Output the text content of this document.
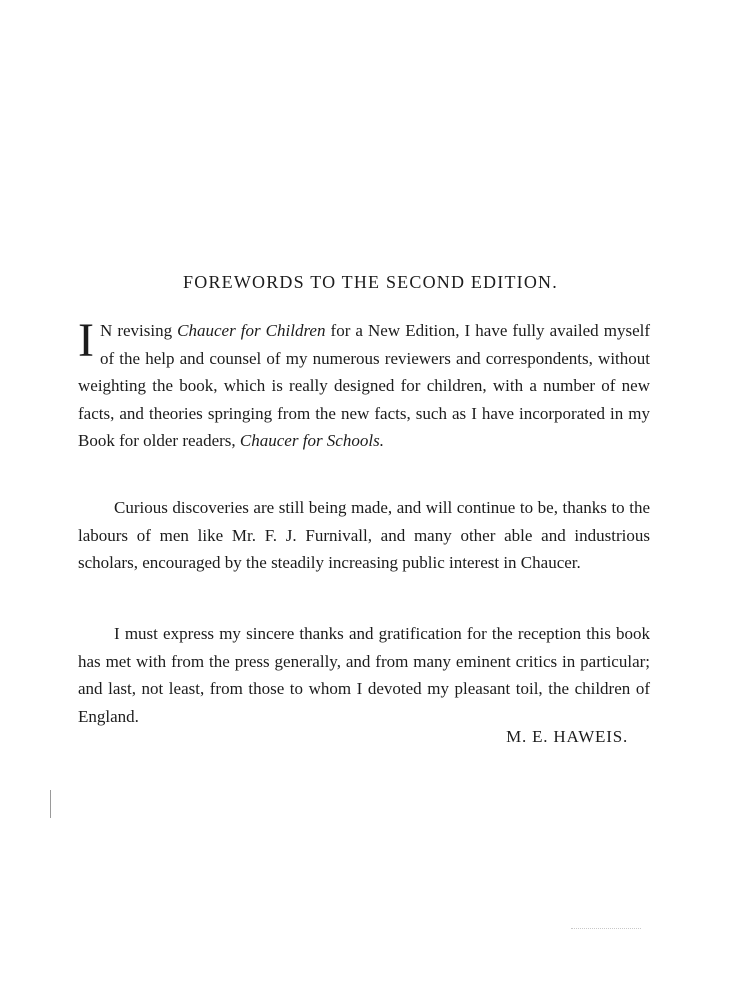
FOREWORDS TO THE SECOND EDITION.

I N revising Chaucer for Children for a New Edition, I have fully availed myself of the help and counsel of my numerous reviewers and correspondents, without weighting the book, which is really designed for children, with a number of new facts, and theories springing from the new facts, such as I have incorporated in my Book for older readers, Chaucer for Schools.

Curious discoveries are still being made, and will continue to be, thanks to the labours of men like Mr. F. J. Furnivall, and many other able and industrious scholars, encouraged by the steadily increasing public interest in Chaucer.

I must express my sincere thanks and gratification for the reception this book has met with from the press generally, and from many eminent critics in particular; and last, not least, from those to whom I devoted my pleasant toil, the children of England.

M. E. HAWEIS.
